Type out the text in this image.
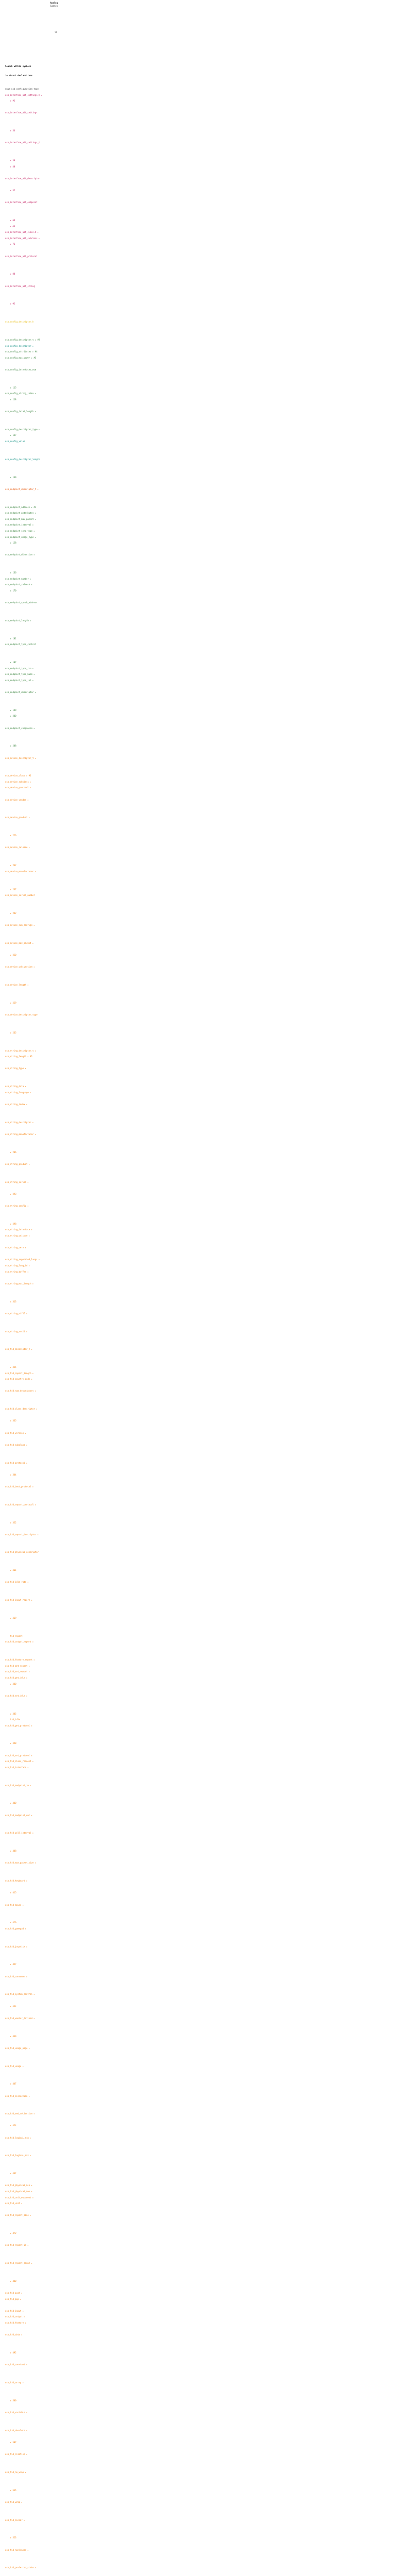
Analog
Search
ll
Search within symbols
in struct declarations
enum usb_configuration_type
usb_interface_alt_settings.h ▸
▸ #1
usb_interface_alt_settings
▸ 34
usb_interface_alt_settings_t
▸ 38
▸ 40
usb_interface_alt_descriptor
▸ 52
usb_interface_alt_endpoint
▸ 64
▸ 66
usb_interface_alt_class.h ▸
usb_interface_alt_subclass ▸
▸ 71
usb_interface_alt_protocol
▸ 80
usb_interface_alt_string
▸ 92
usb_config_descriptor_h
usb_config_descriptor_t ▸ #2
usb_config_descriptor ▸
usb_config_attributes ▸ #4
usb_config_max_power ▸ #5
usb_config_interfaces_num
▸ 115
usb_config_string_index ▸
▸ 118
usb_config_total_length ▸
usb_config_descriptor_type ▸
▸ 127
usb_config_value
usb_config_descriptor_length
▸ 139
usb_endpoint_descriptor_t ▸
usb_endpoint_address ▸ #1
usb_endpoint_attributes ▸
usb_endpoint_max_packet ▸
usb_endpoint_interval ▸
usb_endpoint_sync_type ▸
usb_endpoint_usage_type ▸
▸ 158
usb_endpoint_direction ▸
▸ 166
usb_endpoint_number ▸
usb_endpoint_refresh ▸
▸ 170
usb_endpoint_synch_address
usb_endpoint_length ▸
▸ 181
usb_endpoint_type_control
▸ 187
usb_endpoint_type_iso ▸
usb_endpoint_type_bulk ▸
usb_endpoint_type_int ▸
usb_endpoint_descriptor ▸
▸ 199
▸ 200
usb_endpoint_companion ▸
▸ 208
usb_device_descriptor_t ▸
usb_device_class ▸ #1
usb_device_subclass ▸
usb_device_protocol ▸
usb_device_vendor ▸
usb_device_product ▸
▸ 226
usb_device_release ▸
▸ 232
usb_device_manufacturer ▸
▸ 237
usb_device_serial_number
▸ 242
usb_device_num_configs ▸
usb_device_max_packet ▸
▸ 250
usb_device_usb_version ▸
usb_device_length ▸
▸ 259
usb_device_descriptor_type
▸ 265
usb_string_descriptor_t ▸
usb_string_length ▸ #1
usb_string_type ▸
usb_string_data ▸
usb_string_language ▸
usb_string_index ▸
usb_string_descriptor ▸
usb_string_manufacturer ▸
▸ 286
usb_string_product ▸
usb_string_serial ▸
▸ 293
usb_string_config ▸
▸ 298
usb_string_interface ▸
usb_string_unicode ▸
usb_string_zero ▸
usb_string_supported_langs ▸
usb_string_lang_id ▸
usb_string_buffer ▸
usb_string_max_length ▸
▸ 313
usb_string_utf16 ▸
usb_string_ascii ▸
usb_hid_descriptor_t ▸
▸ 325
usb_hid_report_length ▸
usb_hid_country_code ▸
usb_hid_num_descriptors ▸
usb_hid_class_descriptor ▸
▸ 335
usb_hid_version ▸
usb_hid_subclass ▸
usb_hid_protocol ▸
▸ 344
usb_hid_boot_protocol ▸
usb_hid_report_protocol ▸
▸ 352
usb_hid_report_descriptor ▸
usb_hid_physical_descriptor
▸ 361
usb_hid_idle_rate ▸
usb_hid_input_report ▸
▸ 369
hid_report
usb_hid_output_report ▸
usb_hid_feature_report ▸
usb_hid_get_report ▸
usb_hid_set_report ▸
usb_hid_get_idle ▸
▸ 380
usb_hid_set_idle ▸
▸ 385
hid_idle
usb_hid_get_protocol ▸
▸ 390
usb_hid_set_protocol ▸
usb_hid_class_request ▸
usb_hid_interface ▸
usb_hid_endpoint_in ▸
▸ 400
usb_hid_endpoint_out ▸
usb_hid_poll_interval ▸
▸ 408
usb_hid_max_packet_size ▸
usb_hid_keyboard ▸
▸ 415
usb_hid_mouse ▸
▸ 420
usb_hid_gamepad ▸
usb_hid_joystick ▸
▸ 427
usb_hid_consumer ▸
usb_hid_system_control ▸
▸ 434
usb_hid_vendor_defined ▸
▸ 439
usb_hid_usage_page ▸
usb_hid_usage ▸
▸ 447
usb_hid_collection ▸
usb_hid_end_collection ▸
▸ 454
usb_hid_logical_min ▸
usb_hid_logical_max ▸
▸ 462
usb_hid_physical_min ▸
usb_hid_physical_max ▸
usb_hid_unit_exponent ▸
usb_hid_unit ▸
usb_hid_report_size ▸
▸ 472
usb_hid_report_id ▸
usb_hid_report_count ▸
▸ 480
usb_hid_push ▸
usb_hid_pop ▸
usb_hid_input ▸
usb_hid_output ▸
usb_hid_feature ▸
usb_hid_data ▸
▸ 492
usb_hid_constant ▸
usb_hid_array ▸
▸ 500
usb_hid_variable ▸
usb_hid_absolute ▸
▸ 507
usb_hid_relative ▸
usb_hid_no_wrap ▸
▸ 515
usb_hid_wrap ▸
usb_hid_linear ▸
▸ 523
usb_hid_nonlinear ▸
usb_hid_preferred_state ▸
